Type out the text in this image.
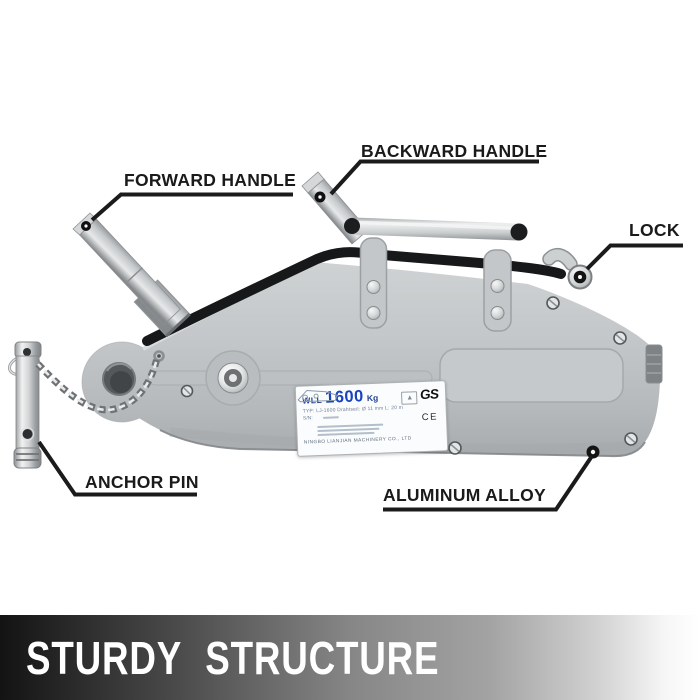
FORWARD HANDLE
BACKWARD HANDLE
LOCK
ANCHOR PIN
ALUMINUM ALLOY
WLL 1600 Kg	▲ GS
TYP: LJ-1600 Drahtseil: Ø 11 mm L: 20 m
S/N:	CE
NINGBO LIANJIAN MACHINERY CO., LTD
STURDY STRUCTURE
